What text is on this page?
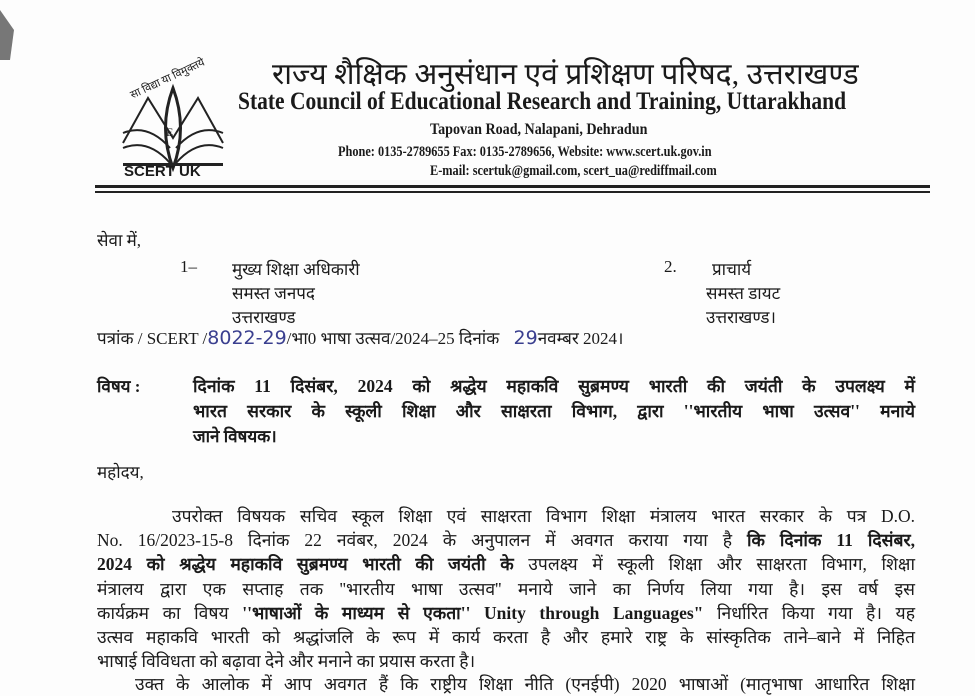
सा विद्या या विमुक्तये
E
SCERT UK
राज्य शैक्षिक अनुसंधान एवं प्रशिक्षण परिषद, उत्तराखण्ड
State Council of Educational Research and Training, Uttarakhand
Tapovan Road, Nalapani, Dehradun
Phone: 0135-2789655 Fax: 0135-2789656, Website: www.scert.uk.gov.in
E-mail: scertuk@gmail.com, scert_ua@rediffmail.com
सेवा में,
1– मुख्य शिक्षा अधिकारी
समस्त जनपद
उत्तराखण्ड
2. प्राचार्य
समस्त डायट
उत्तराखण्ड।
पत्रांक / SCERT /8022-29/भा0 भाषा उत्सव/2024–25 दिनांक 29नवम्बर 2024।
विषय :	दिनांक 11 दिसंबर, 2024 को श्रद्धेय महाकवि सुब्रमण्य भारती की जयंती के उपलक्ष्य में
भारत सरकार के स्कूली शिक्षा और साक्षरता विभाग, द्वारा ''भारतीय भाषा उत्सव'' मनाये
जाने विषयक।
महोदय,
उपरोक्त विषयक सचिव स्कूल शिक्षा एवं साक्षरता विभाग शिक्षा मंत्रालय भारत सरकार के पत्र D.O.
No. 16/2023-15-8 दिनांक 22 नवंबर, 2024 के अनुपालन में अवगत कराया गया है कि दिनांक 11 दिसंबर,
2024 को श्रद्धेय महाकवि सुब्रमण्य भारती की जयंती के उपलक्ष्य में स्कूली शिक्षा और साक्षरता विभाग, शिक्षा
मंत्रालय द्वारा एक सप्ताह तक ''भारतीय भाषा उत्सव'' मनाये जाने का निर्णय लिया गया है। इस वर्ष इस
कार्यक्रम का विषय ''भाषाओं के माध्यम से एकता'' Unity through Languages" निर्धारित किया गया है। यह
उत्सव महाकवि भारती को श्रद्धांजलि के रूप में कार्य करता है और हमारे राष्ट्र के सांस्कृतिक ताने–बाने में निहित
भाषाई विविधता को बढ़ावा देने और मनाने का प्रयास करता है।
उक्त के आलोक में आप अवगत हैं कि राष्ट्रीय शिक्षा नीति (एनईपी) 2020 भाषाओं (मातृभाषा आधारित शिक्षा
